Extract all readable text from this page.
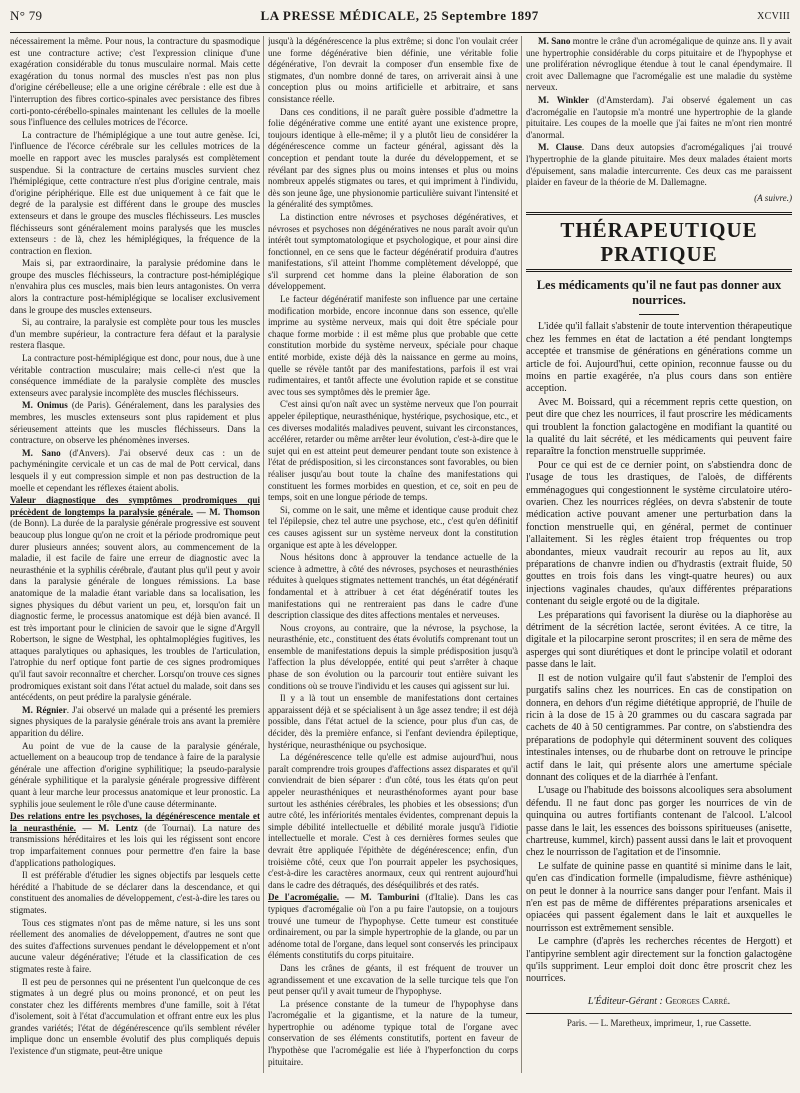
N° 79	LA PRESSE MÉDICALE, 25 Septembre 1897	XCVIII

nécessairement la même. Pour nous, la contracture du spasmodique est une contracture active; c'est l'expression clinique d'une exagération considérable du tonus musculaire normal. Mais cette exagération du tonus normal des muscles n'est pas non plus d'origine cérébelleuse; elle a une origine cérébrale : elle est due à l'interruption des fibres cortico-spinales avec persistance des fibres corti-ponto-cérébello-spinales maintenant les cellules de la moelle sous l'influence des cellules motrices de l'écorce.

La contracture de l'hémiplégique a une tout autre genèse. Ici, l'influence de l'écorce cérébrale sur les cellules motrices de la moelle en rapport avec les muscles paralysés est complètement suspendue. Si la contracture de certains muscles survient chez l'hémiplégique, cette contracture n'est plus d'origine centrale, mais d'origine périphérique. Elle est due uniquement à ce fait que le degré de la paralysie est différent dans le groupe des muscles extenseurs et dans le groupe des muscles fléchisseurs. Les muscles fléchisseurs sont généralement moins paralysés que les muscles extenseurs : de là, chez les hémiplégiques, la fréquence de la contraction en flexion.

Mais si, par extraordinaire, la paralysie prédomine dans le groupe des muscles fléchisseurs, la contracture post-hémiplégique n'envahira plus ces muscles, mais bien leurs antagonistes. On verra alors la contracture post-hémiplégique se localiser exclusivement dans le groupe des muscles extenseurs.

Si, au contraire, la paralysie est complète pour tous les muscles d'un membre supérieur, la contracture fera défaut et la paralysie restera flasque.

La contracture post-hémiplégique est donc, pour nous, due à une véritable contraction musculaire; mais celle-ci n'est que la conséquence immédiate de la paralysie complète des muscles extenseurs avec paralysie incomplète des muscles fléchisseurs.

M. Onimus (de Paris). Généralement, dans les paralysies des membres, les muscles extenseurs sont plus rapidement et plus sérieusement atteints que les muscles fléchisseurs. Dans la contracture, on observe les phénomènes inverses.

M. Sano (d'Anvers). J'ai observé deux cas : un de pachyméningite cervicale et un cas de mal de Pott cervical, dans lesquels il y eut compression simple et non pas destruction de la moelle et cependant les réflexes étaient abolis.

Valeur diagnostique des symptômes prodromiques qui précèdent de longtemps la paralysie générale. — M. Thomson (de Bonn). La durée de la paralysie générale progressive est souvent beaucoup plus longue qu'on ne croit et la période prodromique peut durer plusieurs années; souvent alors, au commencement de la maladie, il est facile de faire une erreur de diagnostic avec la neurasthénie et la syphilis cérébrale, d'autant plus qu'il peut y avoir dans la paralysie générale de longues rémissions. La base anatomique de la maladie étant variable dans sa localisation, les signes physiques du début varient un peu, et, lorsqu'on fait un diagnostic ferme, le processus anatomique est déjà bien avancé. Il est très important pour le clinicien de savoir que le signe d'Argyll Robertson, le signe de Westphal, les ophtalmoplégies fugitives, les attaques paralytiques ou aphasiques, les troubles de l'articulation, l'atrophie du nerf optique font partie de ces signes prodromiques qu'il faut savoir reconnaître et chercher. Lorsqu'on trouve ces signes prodromiques existant soit dans l'état actuel du malade, soit dans ses antécédents, on peut prédire la paralysie générale.

M. Régnier. J'ai observé un malade qui a présenté les premiers signes physiques de la paralysie générale trois ans avant la première apparition du délire.

Au point de vue de la cause de la paralysie générale, actuellement on a beaucoup trop de tendance à faire de la paralysie générale une affection d'origine syphilitique; la pseudo-paralysie générale syphilitique et la paralysie générale progressive diffèrent quant à leur marche leur processus anatomique et leur pronostic. La syphilis joue seulement le rôle d'une cause déterminante.

Des relations entre les psychoses, la dégénérescence mentale et la neurasthénie. — M. Lentz (de Tournai). La nature des transmissions héréditaires et les lois qui les régissent sont encore trop imparfaitement connues pour permettre d'en faire la base d'applications pathologiques.

Il est préférable d'étudier les signes objectifs par lesquels cette hérédité a l'habitude de se déclarer dans la descendance, et qui constituent des anomalies de développement, c'est-à-dire les tares ou stigmates.

Tous ces stigmates n'ont pas de même nature, si les uns sont réellement des anomalies de développement, d'autres ne sont que des suites d'affections survenues pendant le développement et n'ont aucune valeur dégénérative; l'étude et la classification de ces stigmates reste à faire.

Il est peu de personnes qui ne présentent l'un quelconque de ces stigmates à un degré plus ou moins prononcé, et on peut les constater chez les différents membres d'une famille, soit à l'état d'isolement, soit à l'état d'accumulation et offrant entre eux les plus grandes variétés; l'état de dégénérescence qu'ils semblent révéler implique donc un ensemble évolutif des plus compliqués depuis l'existence d'un stigmate, peut-être unique

jusqu'à la dégénérescence la plus extrême; si donc l'on voulait créer une forme dégénérative bien définie, une véritable folie dégénérative, l'on devrait la composer d'un ensemble fixe de stigmates, d'un nombre donné de tares, on arriverait ainsi à une conception plus ou moins artificielle et arbitraire, et sans consistance réelle.

Dans ces conditions, il ne paraît guère possible d'admettre la folie dégénérative comme une entité ayant une existence propre, toujours identique à elle-même; il y a plutôt lieu de considérer la dégénérescence comme un facteur général, agissant dès la conception et pendant toute la durée du développement, et se révélant par des signes plus ou moins intenses et plus ou moins nombreux appelés stigmates ou tares, et qui impriment à l'individu, dès son jeune âge, une physionomie particulière suivant l'intensité et la généralité des symptômes.

La distinction entre névroses et psychoses dégénératives, et névroses et psychoses non dégénératives ne nous paraît avoir qu'un intérêt tout symptomatologique et psychologique, et pour ainsi dire fonctionnel, en ce sens que le facteur dégénératif produira d'autres manifestations, s'il atteint l'homme complètement développé, que s'il surprend cet homme dans la pleine élaboration de son développement.

Le facteur dégénératif manifeste son influence par une certaine modification morbide, encore inconnue dans son essence, qu'elle imprime au système nerveux, mais qui doit être spéciale pour chaque forme morbide : il est même plus que probable que cette constitution morbide du système nerveux, spéciale pour chaque entité morbide, existe déjà dès la naissance en germe au moins, quelle se révèle tantôt par des manifestations, parfois il est vrai rudimentaires, et tantôt affecte une évolution rapide et se constitue avec tous ses symptômes dès le premier âge.

C'est ainsi qu'on naît avec un système nerveux que l'on pourrait appeler épileptique, neurasthénique, hystérique, psychosique, etc., et ces diverses modalités maladives peuvent, suivant les circonstances, accélérer, retarder ou même arrêter leur évolution, c'est-à-dire que le sujet qui en est atteint peut demeurer pendant toute son existence à l'état de prédisposition, si les circonstances sont favorables, ou bien réaliser jusqu'au bout toute la chaîne des manifestations qui constituent les formes morbides en question, et ce, soit en peu de temps, soit en une longue période de temps.

Si, comme on le sait, une même et identique cause produit chez tel l'épilepsie, chez tel autre une psychose, etc., c'est qu'en définitif ces causes agissent sur un système nerveux dont la constitution organique est apte à les développer.

Nous hésitons donc à approuver la tendance actuelle de la science à admettre, à côté des névroses, psychoses et neurasthénies réduites à quelques stigmates nettement tranchés, un état dégénératif fondamental et à attribuer à cet état dégénératif toutes les manifestations qui ne rentreraient pas dans le cadre d'une description classique des dites affections mentales et nerveuses.

Nous croyons, au contraire, que la névrose, la psychose, la neurasthénie, etc., constituent des états évolutifs comprenant tout un ensemble de manifestations depuis la simple prédisposition jusqu'à l'affection la plus développée, entité qui peut s'arrêter à chaque phase de son évolution ou la parcourir tout entière suivant les conditions où se trouve l'individu et les causes qui agissent sur lui.

Il y a là tout un ensemble de manifestations dont certaines apparaissent déjà et se spécialisent à un âge assez tendre; il est déjà possible, dans l'état actuel de la science, pour plus d'un cas, de décider, dès la première enfance, si l'enfant deviendra épileptique, hystérique, neurasthénique ou psychosique.

La dégénérescence telle qu'elle est admise aujourd'hui, nous paraît comprendre trois groupes d'affections assez disparates et qu'il conviendrait de bien séparer : d'un côté, tous les états qu'on peut appeler neurasthéniques et neurasthénoformes ayant pour base surtout les asthénies cérébrales, les phobies et les obsessions; d'un autre côté, les infériorités mentales évidentes, comprenant depuis la simple débilité intellectuelle et débilité morale jusqu'à l'idiotie intellectuelle et morale. C'est à ces dernières formes seules que devrait être appliquée l'épithète de dégénérescence; enfin, d'un troisième côté, ceux que l'on pourrait appeler les psychosiques, c'est-à-dire les caractères anormaux, ceux qui rentrent aujourd'hui dans le cadre des détraqués, des déséquilibrés et des ratés.

De l'acromégalie. — M. Tamburini (d'Italie). Dans les cas typiques d'acromégalie où l'on a pu faire l'autopsie, on a toujours trouvé une tumeur de l'hypophyse. Cette tumeur est constituée ordinairement, ou par la simple hypertrophie de la glande, ou par un adénome total de l'organe, dans lequel sont conservés les principaux éléments constitutifs du corps pituitaire.

Dans les crânes de géants, il est fréquent de trouver un agrandissement et une excavation de la selle turcique tels que l'on peut penser qu'il y avait tumeur de l'hypophyse.

La présence constante de la tumeur de l'hypophyse dans l'acromégalie et la gigantisme, et la nature de la tumeur, hypertrophie ou adénome typique total de l'organe avec conservation de ses éléments constitutifs, portent en faveur de l'hypothèse que l'acromégalie est liée à l'hyperfonction du corps pituitaire.

M. Sano montre le crâne d'un acromégalique de quinze ans. Il y avait une hypertrophie considérable du corps pituitaire et de l'hypophyse et une prolifération névroglique étendue à tout le canal épendymaire. Il croit avec Dallemagne que l'acromégalie est une maladie du système nerveux.

M. Winkler (d'Amsterdam). J'ai observé également un cas d'acromégalie en l'autopsie m'a montré une hypertrophie de la glande pituitaire. Les coupes de la moelle que j'ai faites ne m'ont rien montré d'anormal.

M. Clause. Dans deux autopsies d'acromégaliques j'ai trouvé l'hypertrophie de la glande pituitaire. Mes deux malades étaient morts d'épuisement, sans maladie intercurrente. Ces deux cas me paraissent plaider en faveur de la théorie de M. Dallemagne.

(A suivre.)
THÉRAPEUTIQUE PRATIQUE
Les médicaments qu'il ne faut pas donner aux nourrices.

L'idée qu'il fallait s'abstenir de toute intervention thérapeutique chez les femmes en état de lactation a été pendant longtemps acceptée et transmise de générations en générations comme un article de foi. Aujourd'hui, cette opinion, reconnue fausse ou du moins en partie exagérée, n'a plus cours dans son entière acception.

Avec M. Boissard, qui a récemment repris cette question, on peut dire que chez les nourrices, il faut proscrire les médicaments qui troublent la fonction galactogène en modifiant la quantité ou la qualité du lait sécrété, et les médicaments qui peuvent faire reparaître la fonction menstruelle supprimée.

Pour ce qui est de ce dernier point, on s'abstiendra donc de l'usage de tous les drastiques, de l'aloès, de différents emménagogues qui congestionnent le système circulatoire utéro-ovarien. Chez les nourrices réglées, on devra s'abstenir de toute médication active pouvant amener une perturbation dans la fonction menstruelle qui, en général, permet de continuer l'allaitement. Si les règles étaient trop fréquentes ou trop abondantes, mieux vaudrait recourir au repos au lit, aux préparations de chanvre indien ou d'hydrastis (extrait fluide, 50 gouttes en trois fois dans les vingt-quatre heures) ou aux injections vaginales chaudes, qu'aux différentes préparations contenant du seigle ergoté ou de la digitale.

Les préparations qui favorisent la diurèse ou la diaphorèse au détriment de la sécrétion lactée, seront évitées. A ce titre, la digitale et la pilocarpine seront proscrites; il en sera de même des asperges qui sont diurétiques et dont le principe volatil et odorant passe dans le lait.

Il est de notion vulgaire qu'il faut s'abstenir de l'emploi des purgatifs salins chez les nourrices. En cas de constipation on donnera, en dehors d'un régime diététique approprié, de l'huile de ricin à la dose de 15 à 20 grammes ou du cascara sagrada par cachets de 40 à 50 centigrammes. Par contre, on s'abstiendra des préparations de podophyle qui déterminent souvent des coliques intestinales intenses, ou de rhubarbe dont on retrouve le principe actif dans le lait, qui présente alors une amertume spéciale donnant des coliques et de la diarrhée à l'enfant.

L'usage ou l'habitude des boissons alcooliques sera absolument défendu. Il ne faut donc pas gorger les nourrices de vin de quinquina ou autres fortifiants contenant de l'alcool. L'alcool passe dans le lait, les essences des boissons spiritueuses (anisette, chartreuse, kummel, kirch) passent aussi dans le lait et provoquent chez le nourrisson de l'agitation et de l'insomnie.

Le sulfate de quinine passe en quantité si minime dans le lait, qu'en cas d'indication formelle (impaludisme, fièvre asthénique) on peut le donner à la nourrice sans danger pour l'enfant. Mais il n'en est pas de même de différentes préparations arsenicales et opiacées qui passent également dans le lait et auxquelles le nourrisson est extrêmement sensible.

Le camphre (d'après les recherches récentes de Hergott) et l'antipyrine semblent agir directement sur la fonction galactogène qu'ils suppriment. Leur emploi doit donc être proscrit chez les nourrices.

L'Éditeur-Gérant : Georges Carré.
Paris. — L. Maretheux, imprimeur, 1, rue Cassette.
